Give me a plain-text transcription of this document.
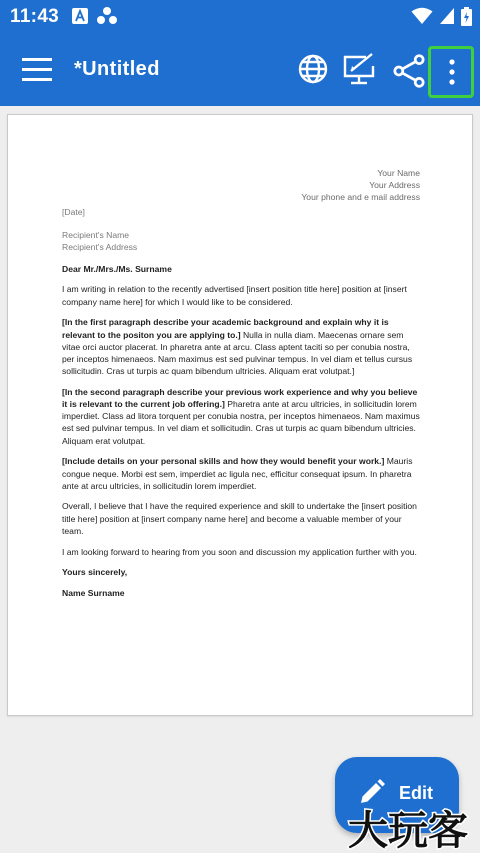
11:43
*Untitled
Your Name
Your Address
Your phone and e mail address
[Date]
Recipient's Name
Recipient's Address
Dear Mr./Mrs./Ms. Surname

I am writing in relation to the recently advertised [insert position title here] position at [insert company name here] for which I would like to be considered.

[In the first paragraph describe your academic background and explain why it is relevant to the positon you are applying to.] Nulla in nulla diam. Maecenas ornare sem vitae orci auctor placerat. In pharetra ante at arcu. Class aptent taciti so per conubia nostra, per inceptos himenaeos. Nam maximus est sed pulvinar tempus. In vel diam et tellus cursus sollicitudin. Cras ut turpis ac quam bibendum ultricies. Aliquam erat volutpat.]

[In the second paragraph describe your previous work experience and why you believe it is relevant to the current job offering.] Pharetra ante at arcu ultricies, in sollicitudin lorem imperdiet. Class ad litora torquent per conubia nostra, per inceptos himenaeos. Nam maximus est sed pulvinar tempus. In vel diam et sollicitudin. Cras ut turpis ac quam bibendum ultricies. Aliquam erat volutpat.

[Include details on your personal skills and how they would benefit your work.] Mauris congue neque. Morbi est sem, imperdiet ac ligula nec, efficitur consequat ipsum. In pharetra ante at arcu ultricies, in sollicitudin lorem imperdiet.

Overall, I believe that I have the required experience and skill to undertake the [insert position title here] position at [insert company name here] and become a valuable member of your team.

I am looking forward to hearing from you soon and discussion my application further with you.

Yours sincerely,

Name Surname

Edit
大玩客
